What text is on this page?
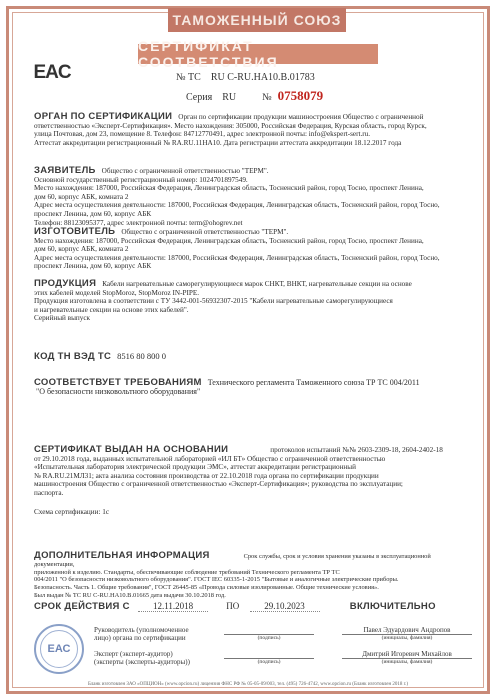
ТАМОЖЕННЫЙ СОЮЗ
СЕРТИФИКАТ СООТВЕТСТВИЯ
EAC	№ ТС RU C-RU.НА10.В.01783
Серия RU	№ 0758079
ОРГАН ПО СЕРТИФИКАЦИИ Орган по сертификации продукции машиностроения Общество с ограниченной
ответственностью «Эксперт-Сертификация». Место нахождения: 305000, Российская Федерация, Курская область, город Курск,
улица Почтовая, дом 23, помещение 8. Телефон: 84712770491, адрес электронной почты: info@ekspert-sert.ru.
Аттестат аккредитации регистрационный № RA.RU.11НА10. Дата регистрации аттестата аккредитации 18.12.2017 года
ЗАЯВИТЕЛЬ Общество с ограниченной ответственностью "ТЕРМ".
Основной государственный регистрационный номер: 1024701897549.
Место нахождения: 187000, Российская Федерация, Ленинградская область, Тосненский район, город Тосно, проспект Ленина,
дом 60, корпус АБК, комната 2
Адрес места осуществления деятельности: 187000, Российская Федерация, Ленинградская область, Тосненский район, город Тосно,
проспект Ленина, дом 60, корпус АБК
Телефон: 88123095377, адрес электронной почты: term@ohogrev.net
ИЗГОТОВИТЕЛЬ Общество с ограниченной ответственностью "ТЕРМ".
Место нахождения: 187000, Российская Федерация, Ленинградская область, Тосненский район, город Тосно, проспект Ленина,
дом 60, корпус АБК, комната 2
Адрес места осуществления деятельности: 187000, Российская Федерация, Ленинградская область, Тосненский район, город Тосно,
проспект Ленина, дом 60, корпус АБК
ПРОДУКЦИЯ Кабели нагревательные саморегулирующиеся марок СНКТ, ВНКТ, нагревательные секции на основе
этих кабелей моделей StopMoroz, StopMoroz IN-PIPE.
Продукция изготовлена в соответствии с ТУ 3442-001-56932307-2015 "Кабели нагревательные саморегулирующиеся
и нагревательные секции на основе этих кабелей".
Серийный выпуск
КОД ТН ВЭД ТС 8516 80 800 0
СООТВЕТСТВУЕТ ТРЕБОВАНИЯМ Технического регламента Таможенного союза ТР ТС 004/2011
"О безопасности низковольтного оборудования"
СЕРТИФИКАТ ВЫДАН НА ОСНОВАНИИ	протоколов испытаний №№ 2603-2309-18, 2604-2402-18
от 29.10.2018 года, выданных испытательной лабораторией «ИЛ БТ» Общество с ограниченной ответственностью
«Испытательная лаборатория электрической продукции ЭМС», аттестат аккредитации регистрационный
№ RA.RU.21МЛ31; акта анализа состояния производства от 22.10.2018 года органа по сертификации продукции
машиностроения Общество с ограниченной ответственностью «Эксперт-Сертификация»; руководства по эксплуатации;
паспорта.
Схема сертификации: 1с
ДОПОЛНИТЕЛЬНАЯ ИНФОРМАЦИЯ	Срок службы, срок и условия хранения указаны в эксплуатационной документации,
приложенной к изделию. Стандарты, обеспечивающие соблюдение требований Технического регламента ТР ТС
004/2011 "О безопасности низковольтного оборудования". ГОСТ IEC 60335-1-2015 "Бытовые и аналогичные электрические приборы.
Безопасность. Часть 1. Общие требования", ГОСТ 26445-85 «Провода силовые изолированные. Общие технические условия».
Был выдан № ТС RU C-RU.НА10.В.01665 дата выдачи 30.10.2018 год.
СРОК ДЕЙСТВИЯ С	12.11.2018	ПО	29.10.2023	ВКЛЮЧИТЕЛЬНО
ЕАС
Руководитель (уполномоченное
лицо) органа по сертификации	(подпись)
Павел Эдуардович Андропов
(инициалы, фамилия)
Эксперт (эксперт-аудитор)
(эксперты (эксперты-аудиторы))	(подпись)
Дмитрий Игоревич Михайлов
(инициалы, фамилия)
Бланк изготовлен ЗАО «ОПЦИОН» (www.opcion.ru) лицензия ФНС РФ № 05-05-09/003, тел. (495) 726-4742, www.opcion.ru (Бланк изготовлен 2018 г.)
